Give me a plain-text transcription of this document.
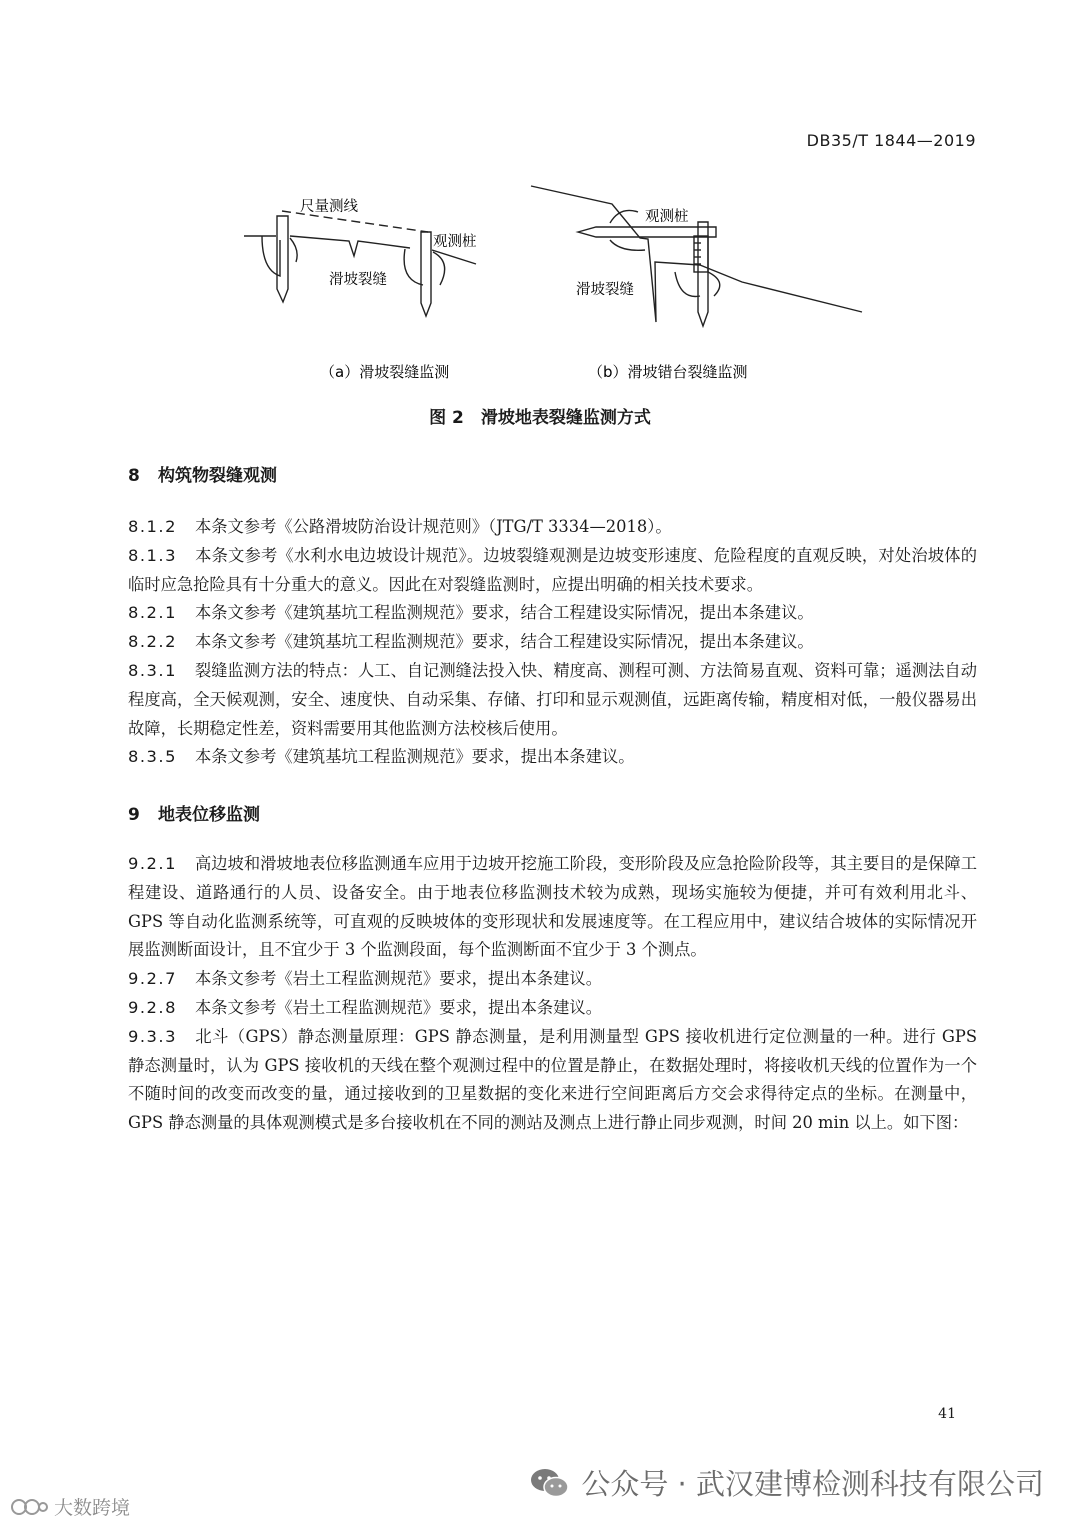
DB35/T 1844—2019
尺量测线
观测桩
滑坡裂缝
观测桩
滑坡裂缝
（a）滑坡裂缝监测	（b）滑坡错台裂缝监测
图 2　滑坡地表裂缝监测方式
8 构筑物裂缝观测

8.1.2 本条文参考《公路滑坡防治设计规范则》（JTG/T 3334—2018）。

8.1.3 本条文参考《水利水电边坡设计规范》。边坡裂缝观测是边坡变形速度、危险程度的直观反映，对处治坡体的临时应急抢险具有十分重大的意义。因此在对裂缝监测时，应提出明确的相关技术要求。

8.2.1 本条文参考《建筑基坑工程监测规范》要求，结合工程建设实际情况，提出本条建议。

8.2.2 本条文参考《建筑基坑工程监测规范》要求，结合工程建设实际情况，提出本条建议。

8.3.1 裂缝监测方法的特点：人工、自记测缝法投入快、精度高、测程可测、方法简易直观、资料可靠；遥测法自动程度高，全天候观测，安全、速度快、自动采集、存储、打印和显示观测值，远距离传输，精度相对低，一般仪器易出故障，长期稳定性差，资料需要用其他监测方法校核后使用。

8.3.5 本条文参考《建筑基坑工程监测规范》要求，提出本条建议。

9 地表位移监测

9.2.1 高边坡和滑坡地表位移监测通车应用于边坡开挖施工阶段，变形阶段及应急抢险阶段等，其主要目的是保障工程建设、道路通行的人员、设备安全。由于地表位移监测技术较为成熟，现场实施较为便捷，并可有效利用北斗、GPS 等自动化监测系统等，可直观的反映坡体的变形现状和发展速度等。在工程应用中，建议结合坡体的实际情况开展监测断面设计，且不宜少于 3 个监测段面，每个监测断面不宜少于 3 个测点。

9.2.7 本条文参考《岩土工程监测规范》要求，提出本条建议。

9.2.8 本条文参考《岩土工程监测规范》要求，提出本条建议。

9.3.3 北斗（GPS）静态测量原理：GPS 静态测量，是利用测量型 GPS 接收机进行定位测量的一种。进行 GPS 静态测量时，认为 GPS 接收机的天线在整个观测过程中的位置是静止，在数据处理时，将接收机天线的位置作为一个不随时间的改变而改变的量，通过接收到的卫星数据的变化来进行空间距离后方交会求得待定点的坐标。在测量中，GPS 静态测量的具体观测模式是多台接收机在不同的测站及测点上进行静止同步观测，时间 20 min 以上。如下图：

41
公众号 · 武汉建博检测科技有限公司
大数跨境
